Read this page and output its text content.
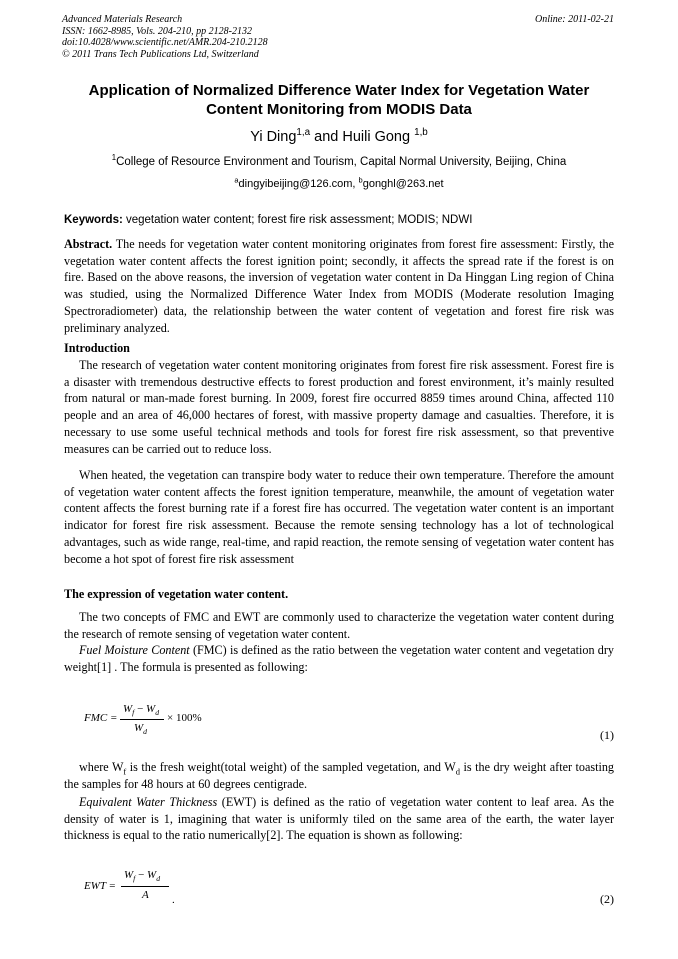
Advanced Materials Research
ISSN: 1662-8985, Vols. 204-210, pp 2128-2132
doi:10.4028/www.scientific.net/AMR.204-210.2128
© 2011 Trans Tech Publications Ltd, Switzerland
Online: 2011-02-21
Application of Normalized Difference Water Index for Vegetation Water
Content Monitoring from MODIS Data
Yi Ding$^{1,a}$ and Huili Gong $^{1,b}$
$^1$College of Resource Environment and Tourism, Capital Normal University, Beijing, China
$^a$dingyibeijing@126.com, $^b$gonghl@263.net
Keywords: vegetation water content; forest fire risk assessment; MODIS; NDWI
Abstract. The needs for vegetation water content monitoring originates from forest fire assessment: Firstly, the vegetation water content affects the forest ignition point; secondly, it affects the spread rate if the forest is on fire. Based on the above reasons, the inversion of vegetation water content in Da Hinggan Ling region of China was studied, using the Normalized Difference Water Index from MODIS (Moderate resolution Imaging Spectroradiometer) data, the relationship between the water content of vegetation and forest fire risk was preliminary analyzed.
Introduction
The research of vegetation water content monitoring originates from forest fire risk assessment. Forest fire is a disaster with tremendous destructive effects to forest production and forest environment, it’s mainly resulted from natural or man-made forest burning. In 2009, forest fire occurred 8859 times around China, affected 110 people and an area of 46,000 hectares of forest, with massive property damage and casualties. Therefore, it is necessary to use some useful technical methods and tools for forest fire risk assessment, so that preventive measures can be carried out to reduce loss.
When heated, the vegetation can transpire body water to reduce their own temperature. Therefore the amount of vegetation water content affects the forest ignition temperature, meanwhile, the amount of vegetation water content affects the forest burning rate if a forest fire has occurred. The vegetation water content is an important indicator for forest fire risk assessment. Because the remote sensing technology has a lot of technological advantages, such as wide range, real-time, and rapid reaction, the remote sensing of vegetation water content has become a hot spot of forest fire risk assessment
The expression of vegetation water content.
The two concepts of FMC and EWT are commonly used to characterize the vegetation water content during the research of remote sensing of vegetation water content.
Fuel Moisture Content (FMC) is defined as the ratio between the vegetation water content and vegetation dry weight[1] . The formula is presented as following:
FMC =
$W_f - W_d$
$W_d$
× 100%
(1)
where $W_f$ is the fresh weight(total weight) of the sampled vegetation, and $W_d$ is the dry weight after toasting the samples for 48 hours at 60 degrees centigrade.
Equivalent Water Thickness (EWT) is defined as the ratio of vegetation water content to leaf area. As the density of water is 1, imagining that water is uniformly tiled on the same area of the earth, the water layer thickness is equal to the ratio numerically[2]. The equation is shown as following:
EWT =
$W_f - W_d$
A .	(2)
